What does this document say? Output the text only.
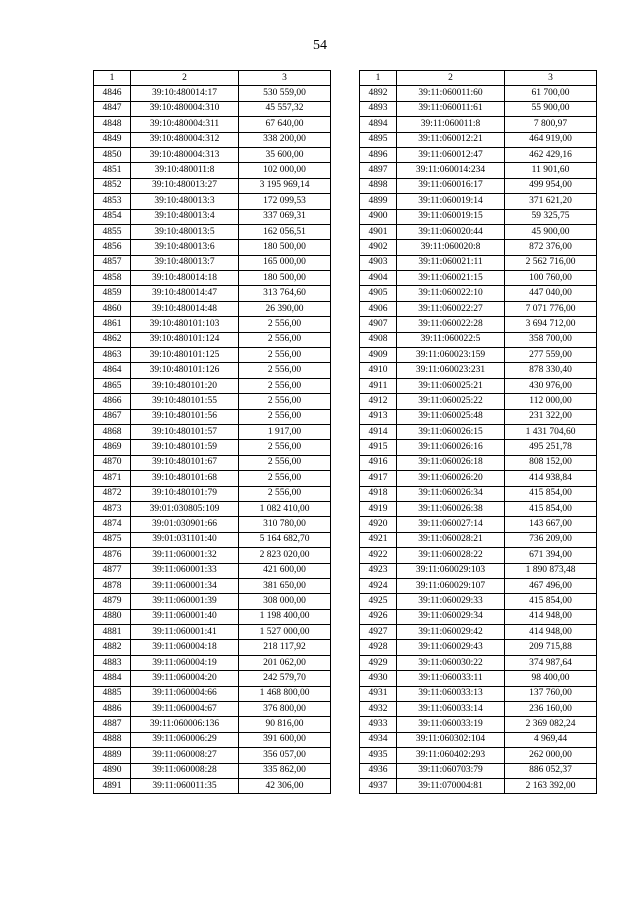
54
1	2	3
4846	39:10:480014:17	530 559,00
4847	39:10:480004:310	45 557,32
4848	39:10:480004:311	67 640,00
4849	39:10:480004:312	338 200,00
4850	39:10:480004:313	35 600,00
4851	39:10:480011:8	102 000,00
4852	39:10:480013:27	3 195 969,14
4853	39:10:480013:3	172 099,53
4854	39:10:480013:4	337 069,31
4855	39:10:480013:5	162 056,51
4856	39:10:480013:6	180 500,00
4857	39:10:480013:7	165 000,00
4858	39:10:480014:18	180 500,00
4859	39:10:480014:47	313 764,60
4860	39:10:480014:48	26 390,00
4861	39:10:480101:103	2 556,00
4862	39:10:480101:124	2 556,00
4863	39:10:480101:125	2 556,00
4864	39:10:480101:126	2 556,00
4865	39:10:480101:20	2 556,00
4866	39:10:480101:55	2 556,00
4867	39:10:480101:56	2 556,00
4868	39:10:480101:57	1 917,00
4869	39:10:480101:59	2 556,00
4870	39:10:480101:67	2 556,00
4871	39:10:480101:68	2 556,00
4872	39:10:480101:79	2 556,00
4873	39:01:030805:109	1 082 410,00
4874	39:01:030901:66	310 780,00
4875	39:01:031101:40	5 164 682,70
4876	39:11:060001:32	2 823 020,00
4877	39:11:060001:33	421 600,00
4878	39:11:060001:34	381 650,00
4879	39:11:060001:39	308 000,00
4880	39:11:060001:40	1 198 400,00
4881	39:11:060001:41	1 527 000,00
4882	39:11:060004:18	218 117,92
4883	39:11:060004:19	201 062,00
4884	39:11:060004:20	242 579,70
4885	39:11:060004:66	1 468 800,00
4886	39:11:060004:67	376 800,00
4887	39:11:060006:136	90 816,00
4888	39:11:060006:29	391 600,00
4889	39:11:060008:27	356 057,00
4890	39:11:060008:28	335 862,00
4891	39:11:060011:35	42 306,00
1	2	3
4892	39:11:060011:60	61 700,00
4893	39:11:060011:61	55 900,00
4894	39:11:060011:8	7 800,97
4895	39:11:060012:21	464 919,00
4896	39:11:060012:47	462 429,16
4897	39:11:060014:234	11 901,60
4898	39:11:060016:17	499 954,00
4899	39:11:060019:14	371 621,20
4900	39:11:060019:15	59 325,75
4901	39:11:060020:44	45 900,00
4902	39:11:060020:8	872 376,00
4903	39:11:060021:11	2 562 716,00
4904	39:11:060021:15	100 760,00
4905	39:11:060022:10	447 040,00
4906	39:11:060022:27	7 071 776,00
4907	39:11:060022:28	3 694 712,00
4908	39:11:060022:5	358 700,00
4909	39:11:060023:159	277 559,00
4910	39:11:060023:231	878 330,40
4911	39:11:060025:21	430 976,00
4912	39:11:060025:22	112 000,00
4913	39:11:060025:48	231 322,00
4914	39:11:060026:15	1 431 704,60
4915	39:11:060026:16	495 251,78
4916	39:11:060026:18	808 152,00
4917	39:11:060026:20	414 938,84
4918	39:11:060026:34	415 854,00
4919	39:11:060026:38	415 854,00
4920	39:11:060027:14	143 667,00
4921	39:11:060028:21	736 209,00
4922	39:11:060028:22	671 394,00
4923	39:11:060029:103	1 890 873,48
4924	39:11:060029:107	467 496,00
4925	39:11:060029:33	415 854,00
4926	39:11:060029:34	414 948,00
4927	39:11:060029:42	414 948,00
4928	39:11:060029:43	209 715,88
4929	39:11:060030:22	374 987,64
4930	39:11:060033:11	98 400,00
4931	39:11:060033:13	137 760,00
4932	39:11:060033:14	236 160,00
4933	39:11:060033:19	2 369 082,24
4934	39:11:060302:104	4 969,44
4935	39:11:060402:293	262 000,00
4936	39:11:060703:79	886 052,37
4937	39:11:070004:81	2 163 392,00
